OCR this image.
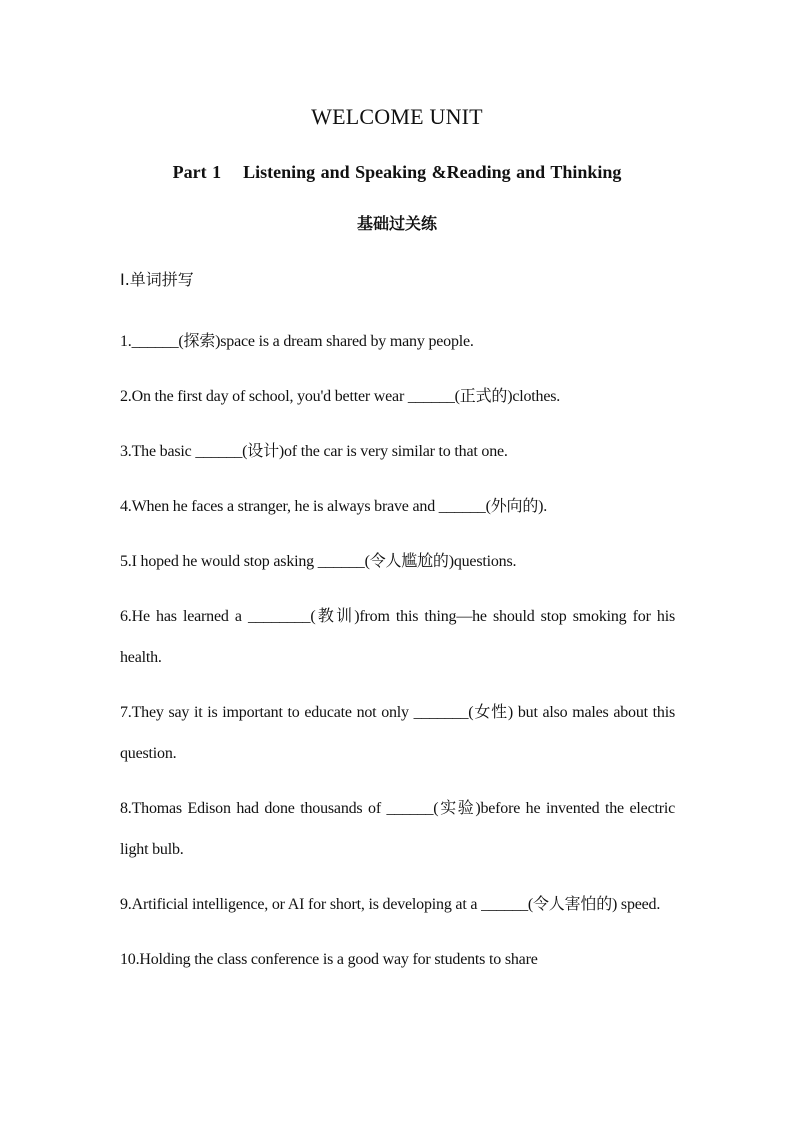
WELCOME UNIT
Part 1 Listening and Speaking &Reading and Thinking
基础过关练
Ⅰ.单词拼写
1.______(探索)space is a dream shared by many people.
2.On the first day of school, you'd better wear ______(正式的)clothes.
3.The basic ______(设计)of the car is very similar to that one.
4.When he faces a stranger, he is always brave and ______(外向的).
5.I hoped he would stop asking ______(令人尴尬的)questions.
6.He has learned a ________(教训)from this thing—he should stop smoking for his health.
7.They say it is important to educate not only _______(女性) but also males about this question.
8.Thomas Edison had done thousands of ______(实验)before he invented the electric light bulb.
9.Artificial intelligence, or AI for short, is developing at a ______(令人害怕的) speed.
10.Holding the class conference is a good way for students to share
